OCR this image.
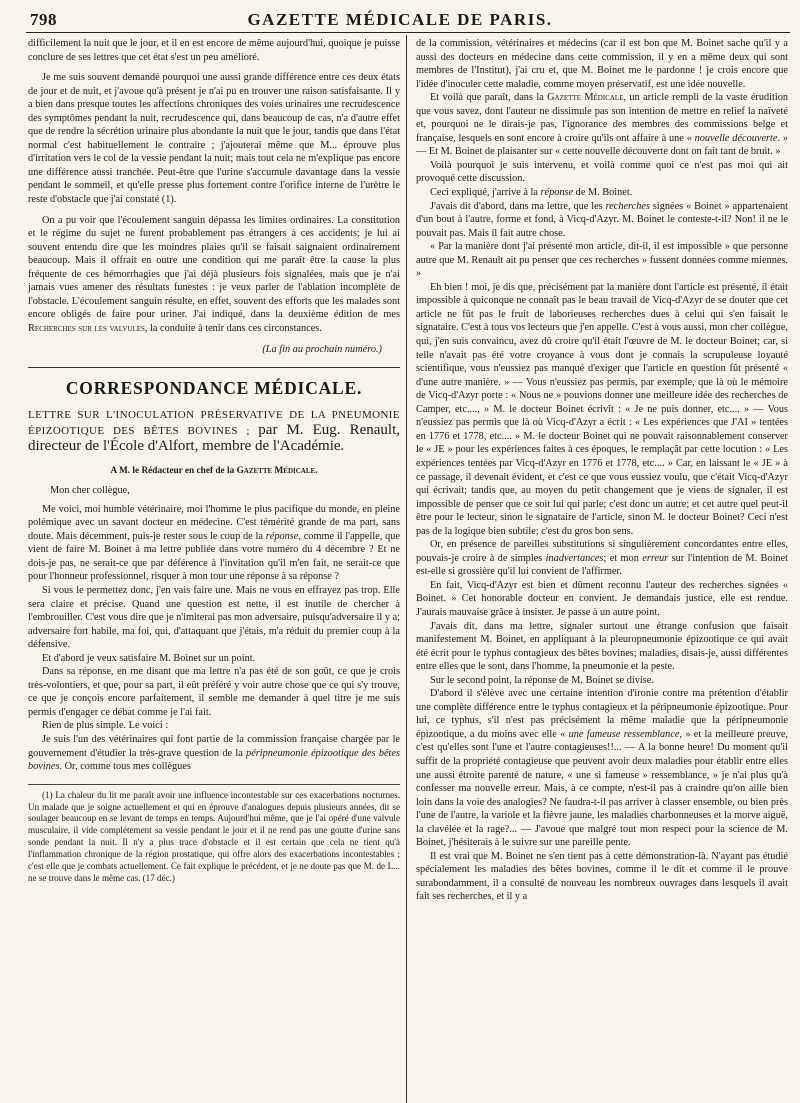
798	GAZETTE MÉDICALE DE PARIS.

difficilement la nuit que le jour, et il en est encore de même aujourd'hui, quoique je puisse conclure de ses lettres que cet état s'est un peu amélioré.

Je me suis souvent demandé pourquoi une aussi grande différence entre ces deux états de jour et de nuit, et j'avoue qu'à présent je n'ai pu en trouver une raison satisfaisante. Il y a bien dans presque toutes les affections chroniques des voies urinaires une recrudescence des symptômes pendant la nuit, recrudescence qui, dans beaucoup de cas, n'a d'autre effet que de rendre la sécrétion urinaire plus abondante la nuit que le jour, tandis que dans l'état normal c'est habituellement le contraire ; j'ajouterai même que M... éprouve plus d'irritation vers le col de la vessie pendant la nuit; mais tout cela ne m'explique pas encore une différence aussi tranchée. Peut-être que l'urine s'accumule davantage dans la vessie pendant le sommeil, et qu'elle presse plus fortement contre l'orifice interne de l'urètre le reste d'obstacle que j'ai constaté (1).

On a pu voir que l'écoulement sanguin dépassa les limites ordinaires. La constitution et le régime du sujet ne furent probablement pas étrangers à ces accidents; je lui ai souvent entendu dire que les moindres plaies qu'il se faisait saignaient ordinairement beaucoup. Mais il offrait en outre une condition qui me paraît être la cause la plus fréquente de ces hémorrhagies que j'ai déjà plusieurs fois signalées, mais que je n'ai jamais vues amener des résultats funestes : je veux parler de l'ablation incomplète de l'obstacle. L'écoulement sanguin résulte, en effet, souvent des efforts que les malades sont encore obligés de faire pour uriner. J'ai indiqué, dans la deuxième édition de mes Recherches sur les valvules, la conduite à tenir dans ces circonstances.

(La fin au prochain numéro.)
CORRESPONDANCE MÉDICALE.
LETTRE SUR L'INOCULATION PRÉSERVATIVE DE LA PNEUMONIE ÉPIZOOTIQUE DES BÊTES BOVINES ; par M. Eug. Renault, directeur de l'École d'Alfort, membre de l'Académie.
A M. le Rédacteur en chef de la Gazette Médicale.

Mon cher collègue,

Me voici, moi humble vétérinaire, moi l'homme le plus pacifique du monde, en pleine polémique avec un savant docteur en médecine. C'est témérité grande de ma part, sans doute. Mais décemment, puis-je rester sous le coup de la réponse, comme il l'appelle, que vient de faire M. Boinet à ma lettre publiée dans votre numéro du 4 décembre ? Et ne dois-je pas, ne serait-ce que par déférence à l'invitation qu'il m'en fait, ne serait-ce que pour l'honneur professionnel, risquer à mon tour une réponse à sa réponse ?

Si vous le permettez donc, j'en vais faire une. Mais ne vous en effrayez pas trop. Elle sera claire et précise. Quand une question est nette, il est inutile de chercher à l'embrouiller. C'est vous dire que je n'imiterai pas mon adversaire, puisqu'adversaire il y a; adversaire fort habile, ma foi, qui, d'attaquant que j'étais, m'a réduit du premier coup à la défensive.

Et d'abord je veux satisfaire M. Boinet sur un point.

Dans sa réponse, en me disant que ma lettre n'a pas été de son goût, ce que je crois très-volontiers, et que, pour sa part, il eût préféré y voir autre chose que ce qui s'y trouve, ce que je conçois encore parfaitement, il semble me demander à quel titre je me suis permis d'engager ce débat comme je l'ai fait.

Rien de plus simple. Le voici :

Je suis l'un des vétérinaires qui font partie de la commission française chargée par le gouvernement d'étudier la très-grave question de la péripneumonie épizootique des bêtes bovines. Or, comme tous mes collègues

(1) La chaleur du lit me paraît avoir une influence incontestable sur ces exacerbations nocturnes. Un malade que je soigne actuellement et qui en éprouve d'analogues depuis plusieurs années, dit se soulager beaucoup en se levant de temps en temps. Aujourd'hui même, que je l'ai opéré d'une valvule musculaire, il vide complétement sa vessie pendant le jour et il ne rend pas une goutte d'urine sans sonde pendant la nuit. Il n'y a plus trace d'obstacle et il est certain que cela ne tient qu'à l'inflammation chronique de la région prostatique, qui offre alors des exacerbations incontestables ; c'est elle que je combats actuellement. Ce fait explique le précédent, et je ne doute pas que M. de L... ne se trouve dans le même cas. (17 déc.)

de la commission, vétérinaires et médecins (car il est bon que M. Boinet sache qu'il y a aussi des docteurs en médecine dans cette commission, il y en a même deux qui sont membres de l'Institut), j'ai cru et, que M. Boinet me le pardonne ! je crois encore que l'idée d'inoculer cette maladie, comme moyen préservatif, est une idée nouvelle.

Et voilà que paraît, dans la Gazette Médicale, un article rempli de la vaste érudition que vous savez, dont l'auteur ne dissimule pas son intention de mettre en relief la naïveté et, pourquoi ne le dirais-je pas, l'ignorance des membres des commissions belge et française, lesquels en sont encore à croire qu'ils ont affaire à une « nouvelle découverte. » — Et M. Boinet de plaisanter sur « cette nouvelle découverte dont on fait tant de bruit. »

Voilà pourquoi je suis intervenu, et voilà comme quoi ce n'est pas moi qui ait provoqué cette discussion.

Ceci expliqué, j'arrive à la réponse de M. Boinet.

J'avais dit d'abord, dans ma lettre, que les recherches signées « Boinet » appartenaient d'un bout à l'autre, forme et fond, à Vicq-d'Azyr. M. Boinet le conteste-t-il? Non! il ne le pouvait pas. Mais il fait autre chose.

« Par la manière dont j'ai présenté mon article, dit-il, il est impossible » que personne autre que M. Renault ait pu penser que ces recherches » fussent données comme miennes. »

Eh bien ! moi, je dis que, précisément par la manière dont l'article est présenté, il était impossible à quiconque ne connaît pas le beau travail de Vicq-d'Azyr de se douter que cet article ne fût pas le fruit de laborieuses recherches dues à celui qui s'en faisait le signataire. C'est à tous vos lecteurs que j'en appelle. C'est à vous aussi, mon cher collègue, qui, j'en suis convaincu, avez dû croire qu'il était l'œuvre de M. le docteur Boinet; car, si telle n'avait pas été votre croyance à vous dont je connais la scrupuleuse loyauté scientifique, vous n'eussiez pas manqué d'exiger que l'article en question fût présenté « d'une autre manière. » — Vous n'eussiez pas permis, par exemple, que là où le mémoire de Vicq-d'Azyr porte : « Nous ne » pouvions donner une meilleure idée des recherches de Camper, etc...., » M. le docteur Boinet écrivît : « Je ne puis donner, etc.... » — Vous n'eussiez pas permis que là où Vicq-d'Azyr a écrit : « Les expériences que J'AI » tentées en 1776 et 1778, etc.... » M. le docteur Boinet qui ne pouvait raisonnablement conserver le « JE » pour les expériences faites à ces époques, le remplaçât par cette locution : « Les expériences tentées par Vicq-d'Azyr en 1776 et 1778, etc.... » Car, en laissant le « JE » à ce passage, il devenait évident, et c'est ce que vous eussiez voulu, que c'était Vicq-d'Azyr qui écrivait; tandis que, au moyen du petit changement que je viens de signaler, il est impossible de penser que ce soit lui qui parle; c'est donc un autre; et cet autre quel peut-il être pour le lecteur, sinon le signataire de l'article, sinon M. le docteur Boinet? Ceci n'est pas de la logique bien subtile; c'est du gros bon sens.

Or, en présence de pareilles substitutions si singulièrement concordantes entre elles, pouvais-je croire à de simples inadvertances; et mon erreur sur l'intention de M. Boinet est-elle si grossière qu'il lui convient de l'affirmer.

En fait, Vicq-d'Azyr est bien et dûment reconnu l'auteur des recherches signées « Boinet. » Cet honorable docteur en convient. Je demandais justice, elle est rendue. J'aurais mauvaise grâce à insister. Je passe à un autre point.

J'avais dit, dans ma lettre, signaler surtout une étrange confusion que faisait manifestement M. Boinet, en appliquant à la pleuropneumonie épizootique ce qui avait été écrit pour le typhus contagieux des bêtes bovines; maladies, disais-je, aussi différentes entre elles que le sont, dans l'homme, la pneumonie et la peste.

Sur le second point, la réponse de M. Boinet se divise.

D'abord il s'élève avec une certaine intention d'ironie contre ma prétention d'établir une complète différence entre le typhus contagieux et la péripneumonie épizootique. Pour lui, ce typhus, s'il n'est pas précisément la même maladie que la péripneumonie épizootique, a du moins avec elle « une fameuse ressemblance, » et la meilleure preuve, c'est qu'elles sont l'une et l'autre contagieuses!!... — A la bonne heure! Du moment qu'il suffit de la propriété contagieuse que peuvent avoir deux maladies pour établir entre elles une aussi étroite parenté de nature, « une si fameuse » ressemblance, » je n'ai plus qu'à confesser ma nouvelle erreur. Mais, à ce compte, n'est-il pas à craindre qu'on aille bien loin dans la voie des analogies? Ne faudra-t-il pas arriver à classer ensemble, ou bien près l'une de l'autre, la variole et la fièvre jaune, les maladies charbonneuses et la morve aiguë, la clavélée et la rage?... — J'avoue que malgré tout mon respect pour la science de M. Boinet, j'hésiterais à le suivre sur une pareille pente.

Il est vrai que M. Boinet ne s'en tient pas à cette démonstration-là. N'ayant pas étudié spécialement les maladies des bêtes bovines, comme il le dit et comme il le prouve surabondamment, il a consulté de nouveau les nombreux ouvrages dans lesquels il avait fait ses recherches, et il y a
